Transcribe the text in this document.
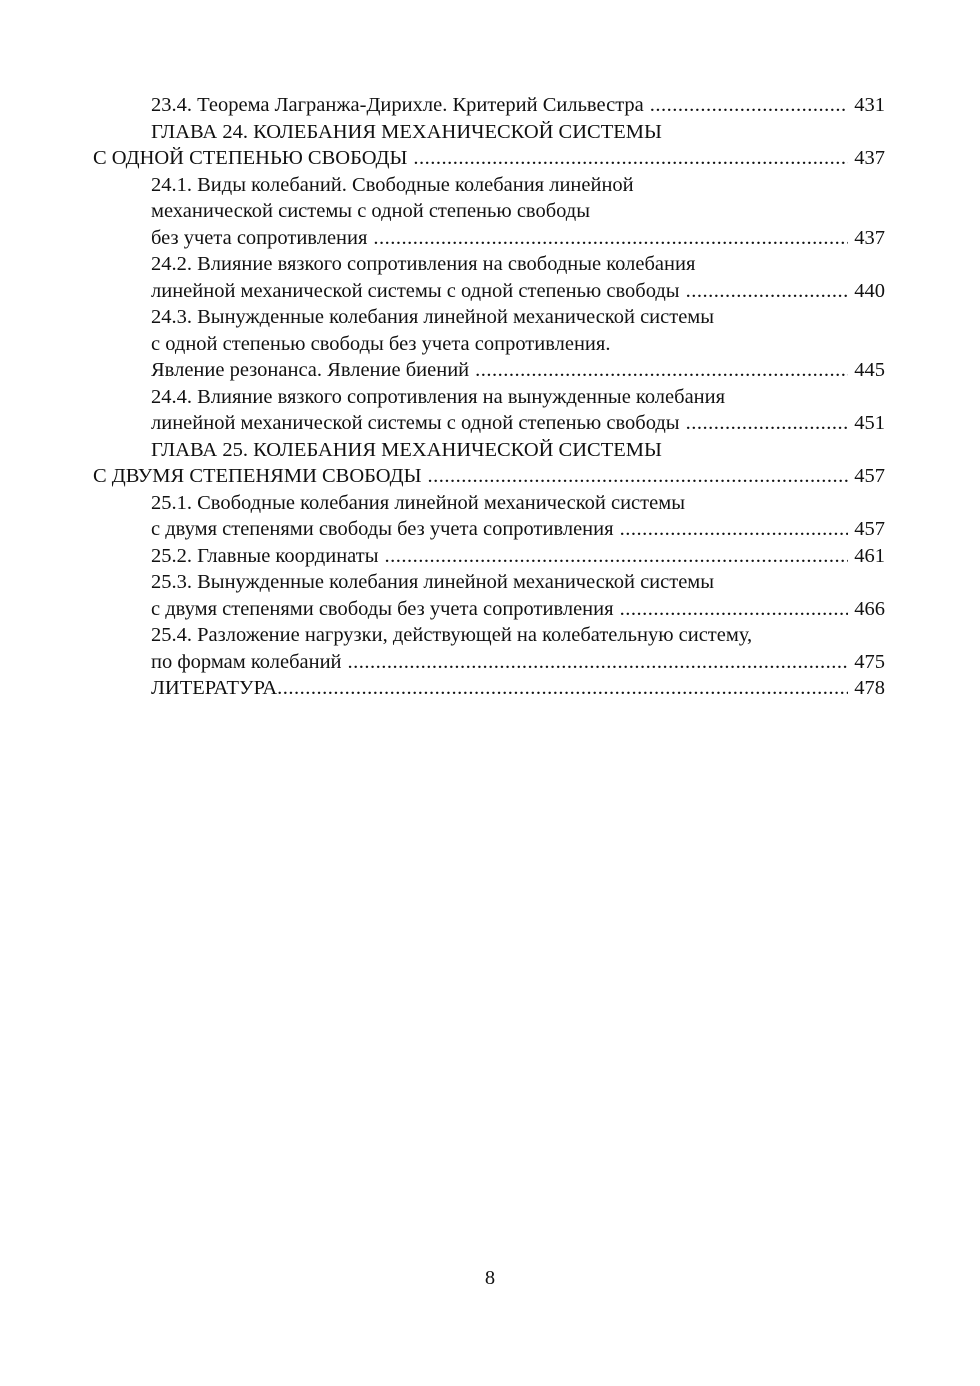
23.4. Теорема Лагранжа-Дирихле. Критерий Сильвестра .....	431
ГЛАВА 24. КОЛЕБАНИЯ МЕХАНИЧЕСКОЙ СИСТЕМЫ
С ОДНОЙ СТЕПЕНЬЮ СВОБОДЫ .....	437
24.1. Виды колебаний. Свободные колебания линейной
механической системы с одной степенью свободы
без учета сопротивления .....	437
24.2. Влияние вязкого сопротивления на свободные колебания
линейной механической системы с одной степенью свободы .....	440
24.3. Вынужденные колебания линейной механической системы
с одной степенью свободы без учета сопротивления.
Явление резонанса. Явление биений .....	445
24.4. Влияние вязкого сопротивления на вынужденные колебания
линейной механической системы с одной степенью свободы .....	451
ГЛАВА 25. КОЛЕБАНИЯ МЕХАНИЧЕСКОЙ СИСТЕМЫ
С ДВУМЯ СТЕПЕНЯМИ СВОБОДЫ .....	457
25.1. Свободные колебания линейной механической системы
с двумя степенями свободы без учета сопротивления .....	457
25.2. Главные координаты .....	461
25.3. Вынужденные колебания линейной механической системы
с двумя степенями свободы без учета сопротивления .....	466
25.4. Разложение нагрузки, действующей на колебательную систему,
по формам колебаний .....	475
ЛИТЕРАТУРА .....	478
8
